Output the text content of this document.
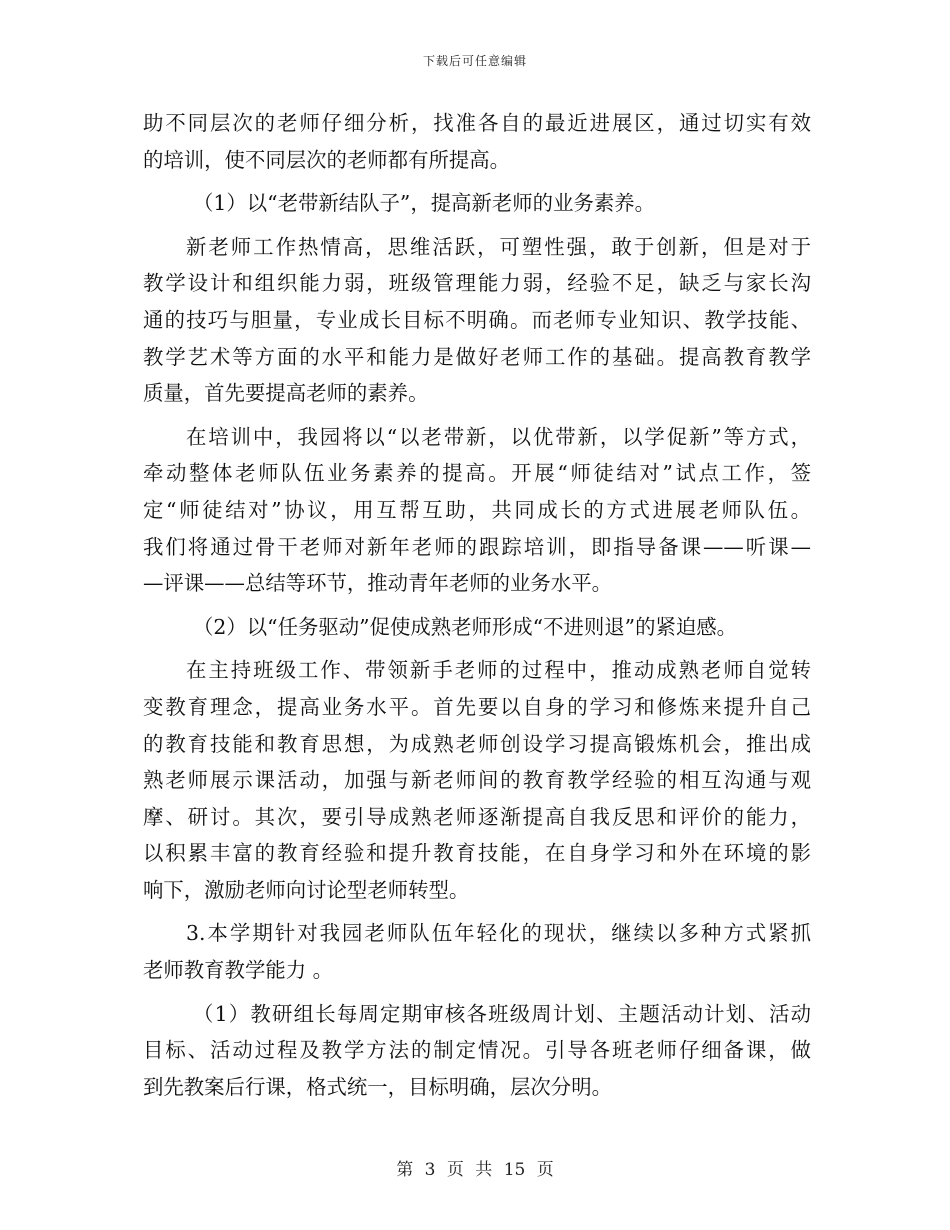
下载后可任意编辑
助不同层次的老师仔细分析，找准各自的最近进展区，通过切实有效
的培训，使不同层次的老师都有所提高。
（1）以“老带新结队子”，提高新老师的业务素养。
新老师工作热情高，思维活跃，可塑性强，敢于创新，但是对于
教学设计和组织能力弱，班级管理能力弱，经验不足，缺乏与家长沟
通的技巧与胆量，专业成长目标不明确。而老师专业知识、教学技能、
教学艺术等方面的水平和能力是做好老师工作的基础。提高教育教学
质量，首先要提高老师的素养。
在培训中，我园将以“以老带新，以优带新，以学促新”等方式，
牵动整体老师队伍业务素养的提高。开展“师徒结对”试点工作，签
定“师徒结对”协议，用互帮互助，共同成长的方式进展老师队伍。
我们将通过骨干老师对新年老师的跟踪培训，即指导备课——听课—
—评课——总结等环节，推动青年老师的业务水平。
（2）以“任务驱动”促使成熟老师形成“不进则退”的紧迫感。
在主持班级工作、带领新手老师的过程中，推动成熟老师自觉转
变教育理念，提高业务水平。首先要以自身的学习和修炼来提升自己
的教育技能和教育思想，为成熟老师创设学习提高锻炼机会，推出成
熟老师展示课活动，加强与新老师间的教育教学经验的相互沟通与观
摩、研讨。其次，要引导成熟老师逐渐提高自我反思和评价的能力，
以积累丰富的教育经验和提升教育技能，在自身学习和外在环境的影
响下，激励老师向讨论型老师转型。
3.本学期针对我园老师队伍年轻化的现状，继续以多种方式紧抓
老师教育教学能力 。
（1）教研组长每周定期审核各班级周计划、主题活动计划、活动
目标、活动过程及教学方法的制定情况。引导各班老师仔细备课，做
到先教案后行课，格式统一，目标明确，层次分明。
第 3 页 共 15 页
